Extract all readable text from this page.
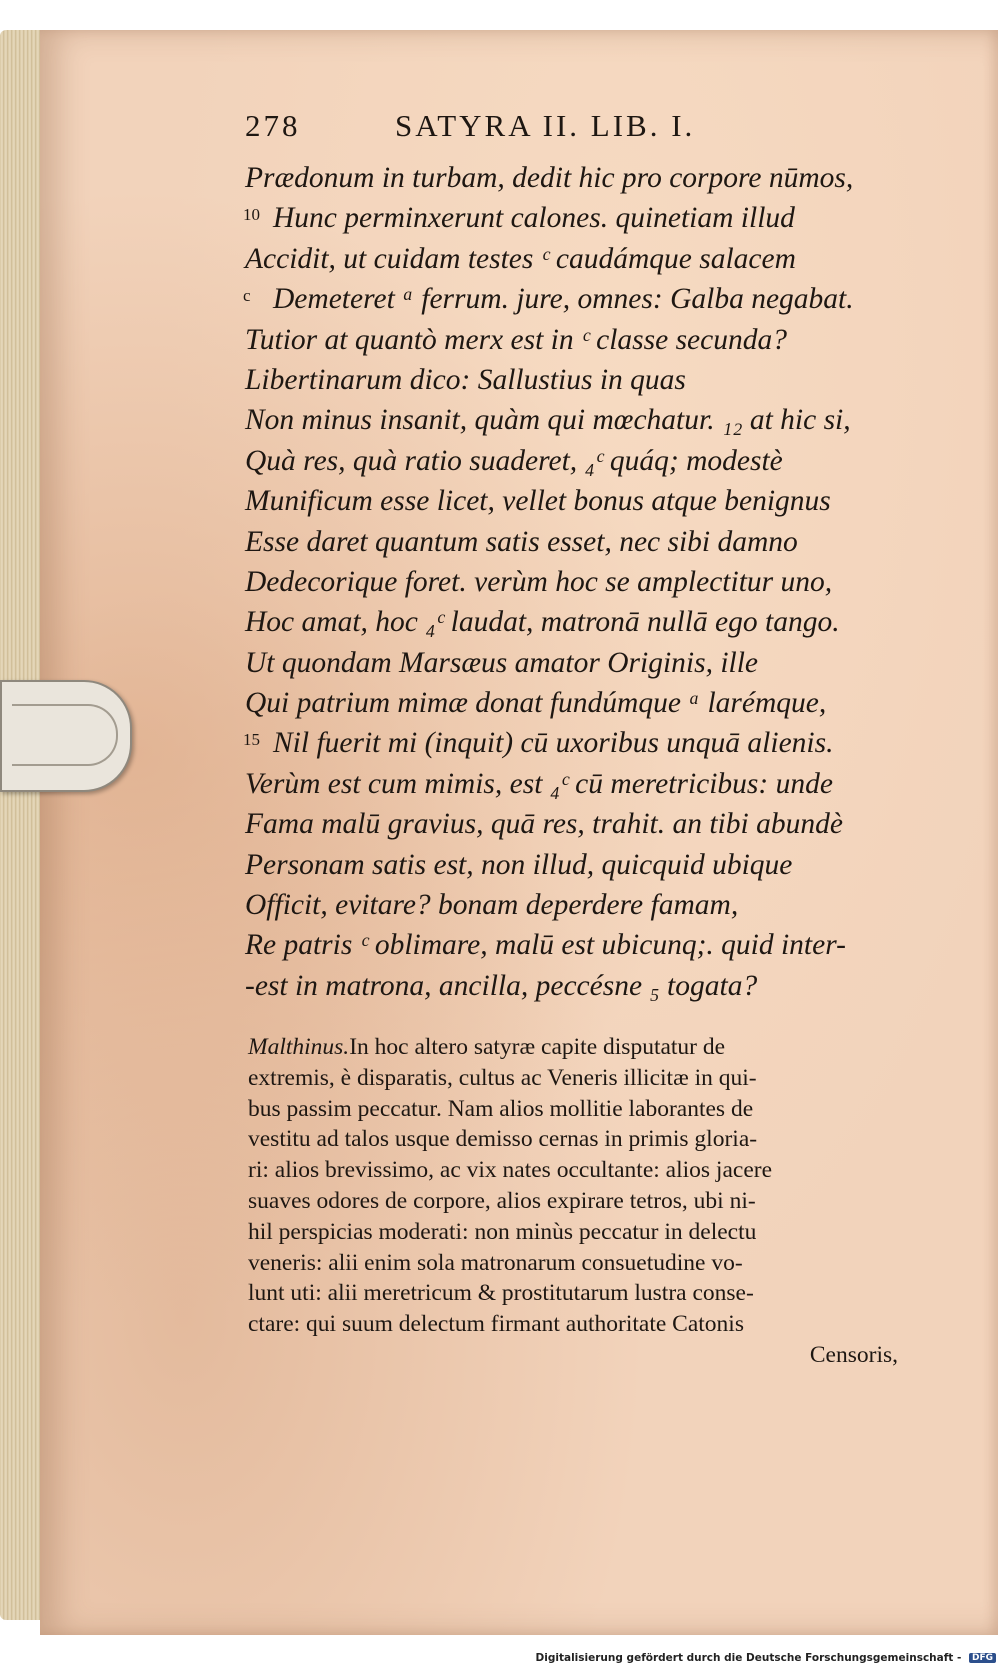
278	SATYRA II. LIB. I.
Prædonum in turbam, dedit hic pro corpore nūmos,
10 Hunc perminxerunt calones. quinetiam illud
Accidit, ut cuidam testes ᶜ caudámque salacem
c Demeteret ᵃ ferrum. jure, omnes: Galba negabat.
Tutior at quantò merx est in ᶜ classe secunda?
Libertinarum dico: Sallustius in quas
Non minus insanit, quàm qui mœchatur. ₁₂ at hic si,
Quà res, quà ratio suaderet, ₄ᶜ quáq; modestè
Munificum esse licet, vellet bonus atque benignus
Esse daret quantum satis esset, nec sibi damno
Dedecorique foret. verùm hoc se amplectitur uno,
Hoc amat, hoc ₄ᶜ laudat, matronā nullā ego tango.
Ut quondam Marsæus amator Originis, ille
Qui patrium mimæ donat fundúmque ᵃ larémque,
15 Nil fuerit mi (inquit) cū uxoribus unquā alienis.
Verùm est cum mimis, est ₄ᶜ cū meretricibus: unde
Fama malū gravius, quā res, trahit. an tibi abundè
Personam satis est, non illud, quicquid ubique
Officit, evitare? bonam deperdere famam,
Re patris ᶜ oblimare, malū est ubicunq;. quid inter-
-est in matrona, ancilla, peccésne ₅ togata?
Malthinus.In hoc altero satyræ capite disputatur de
extremis, è disparatis, cultus ac Veneris illicitæ in qui-
bus passim peccatur. Nam alios mollitie laborantes de
vestitu ad talos usque demisso cernas in primis gloria-
ri: alios brevissimo, ac vix nates occultante: alios jacere
suaves odores de corpore, alios expirare tetros, ubi ni-
hil perspicias moderati: non minùs peccatur in delectu
veneris: alii enim sola matronarum consuetudine vo-
lunt uti: alii meretricum & prostitutarum lustra conse-
ctare: qui suum delectum firmant authoritate Catonis
Censoris,
Digitalisierung gefördert durch die Deutsche Forschungsgemeinschaft - DFG
